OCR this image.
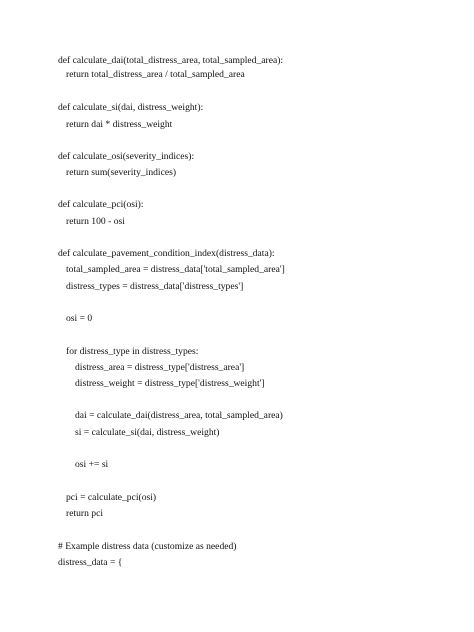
def calculate_dai(total_distress_area, total_sampled_area):
return total_distress_area / total_sampled_area
def calculate_si(dai, distress_weight):
return dai * distress_weight
def calculate_osi(severity_indices):
return sum(severity_indices)
def calculate_pci(osi):
return 100 - osi
def calculate_pavement_condition_index(distress_data):
total_sampled_area = distress_data['total_sampled_area']
distress_types = distress_data['distress_types']
osi = 0
for distress_type in distress_types:
distress_area = distress_type['distress_area']
distress_weight = distress_type['distress_weight']
dai = calculate_dai(distress_area, total_sampled_area)
si = calculate_si(dai, distress_weight)
osi += si
pci = calculate_pci(osi)
return pci
# Example distress data (customize as needed)
distress_data = {
